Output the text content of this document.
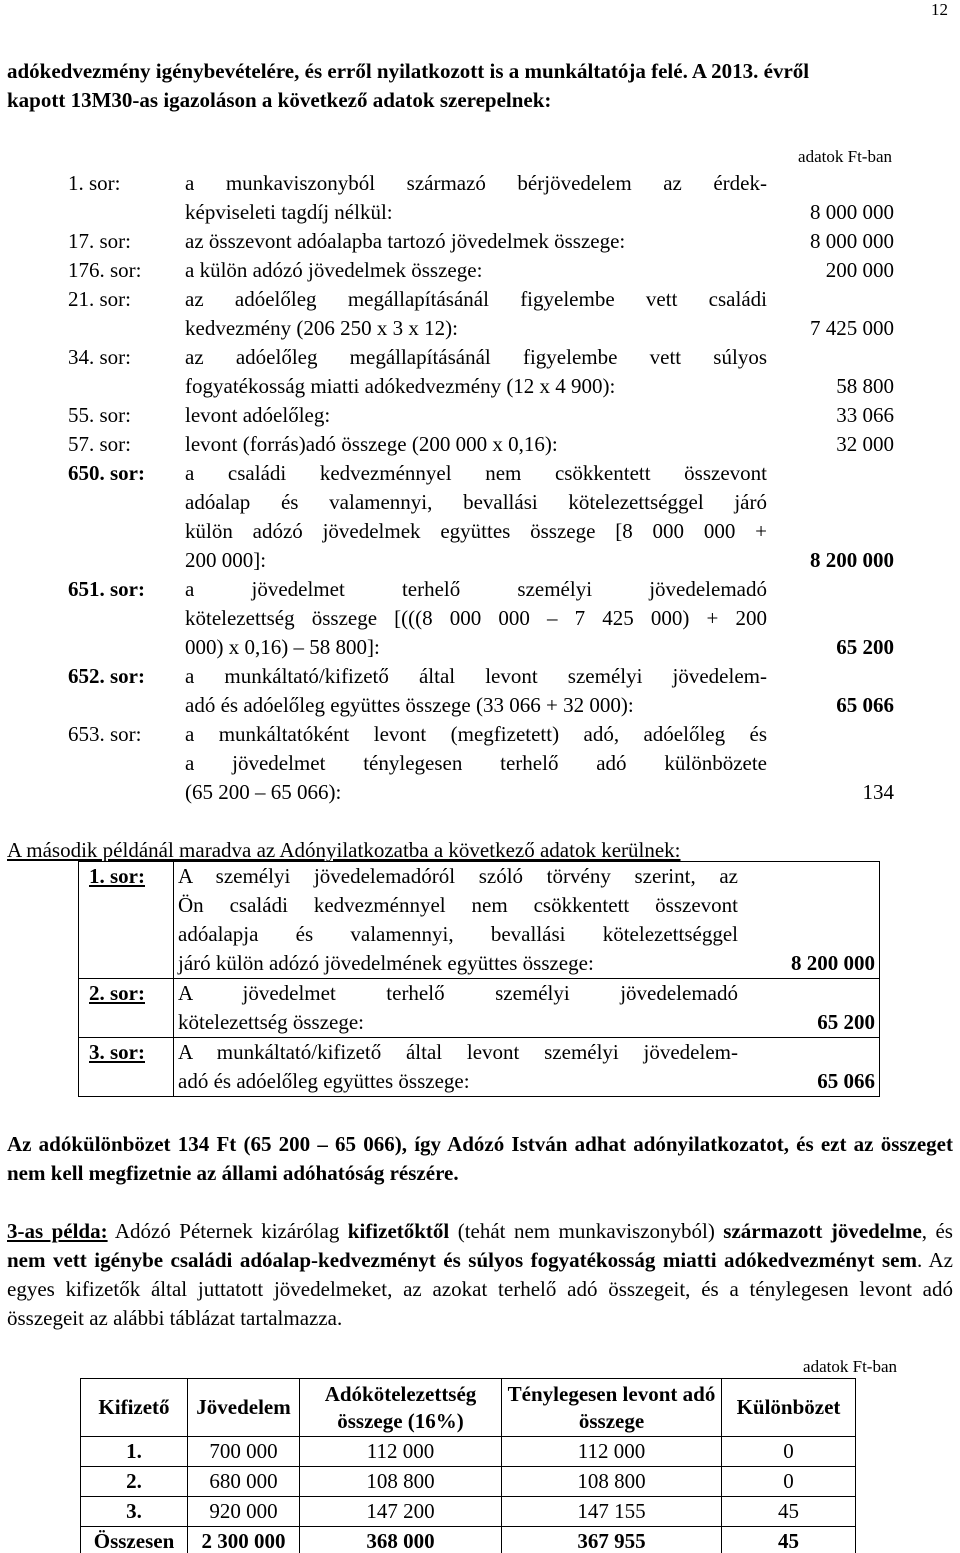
12
adókedvezmény igénybevételére, és erről nyilatkozott is a munkáltatója felé. A 2013. évről
kapott 13M30-as igazoláson a következő adatok szerepelnek:
adatok Ft-ban
1. sor:	a munkaviszonyból származó bérjövedelem az érdek-
képviseleti tagdíj nélkül:	8 000 000
17. sor:	az összevont adóalapba tartozó jövedelmek összege:	8 000 000
176. sor:	a külön adózó jövedelmek összege:	200 000
21. sor:	az adóelőleg megállapításánál figyelembe vett családi
kedvezmény (206 250 x 3 x 12):	7 425 000
34. sor:	az adóelőleg megállapításánál figyelembe vett súlyos
fogyatékosság miatti adókedvezmény (12 x 4 900):	58 800
55. sor:	levont adóelőleg:	33 066
57. sor:	levont (forrás)adó összege (200 000 x 0,16):	32 000
650. sor:	a családi kedvezménnyel nem csökkentett összevont
adóalap és valamennyi, bevallási kötelezettséggel járó
külön adózó jövedelmek együttes összege [8 000 000 +
200 000]:	8 200 000
651. sor:	a jövedelmet terhelő személyi jövedelemadó
kötelezettség összege [(((8 000 000 – 7 425 000) + 200
000) x 0,16) – 58 800]:	65 200
652. sor:	a munkáltató/kifizető által levont személyi jövedelem-
adó és adóelőleg együttes összege (33 066 + 32 000):	65 066
653. sor:	a munkáltatóként levont (megfizetett) adó, adóelőleg és
a jövedelmet ténylegesen terhelő adó különbözete
(65 200 – 65 066):	134
A második példánál maradva az Adónyilatkozatba a következő adatok kerülnek:
1. sor:	A személyi jövedelemadóról szóló törvény szerint, az
Ön családi kedvezménnyel nem csökkentett összevont
adóalapja és valamennyi, bevallási kötelezettséggel
járó külön adózó jövedelmének együttes összege:	8 200 000
2. sor:	A jövedelmet terhelő személyi jövedelemadó
kötelezettség összege:	65 200
3. sor:	A munkáltató/kifizető által levont személyi jövedelem-
adó és adóelőleg együttes összege:	65 066
Az adókülönbözet 134 Ft (65 200 – 65 066), így Adózó István adhat adónyilatkozatot, és ezt az összeget nem kell megfizetnie az állami adóhatóság részére.
3-as példa: Adózó Péternek kizárólag kifizetőktől (tehát nem munkaviszonyból) származott jövedelme, és nem vett igénybe családi adóalap-kedvezményt és súlyos fogyatékosság miatti adókedvezményt sem. Az egyes kifizetők által juttatott jövedelmeket, az azokat terhelő adó összegeit, és a ténylegesen levont adó összegeit az alábbi táblázat tartalmazza.
adatok Ft-ban
Kifizető	Jövedelem	Adókötelezettség összege (16%)	Ténylegesen levont adó összege	Különbözet
1.	700 000	112 000	112 000	0
2.	680 000	108 800	108 800	0
3.	920 000	147 200	147 155	45
Összesen	2 300 000	368 000	367 955	45
